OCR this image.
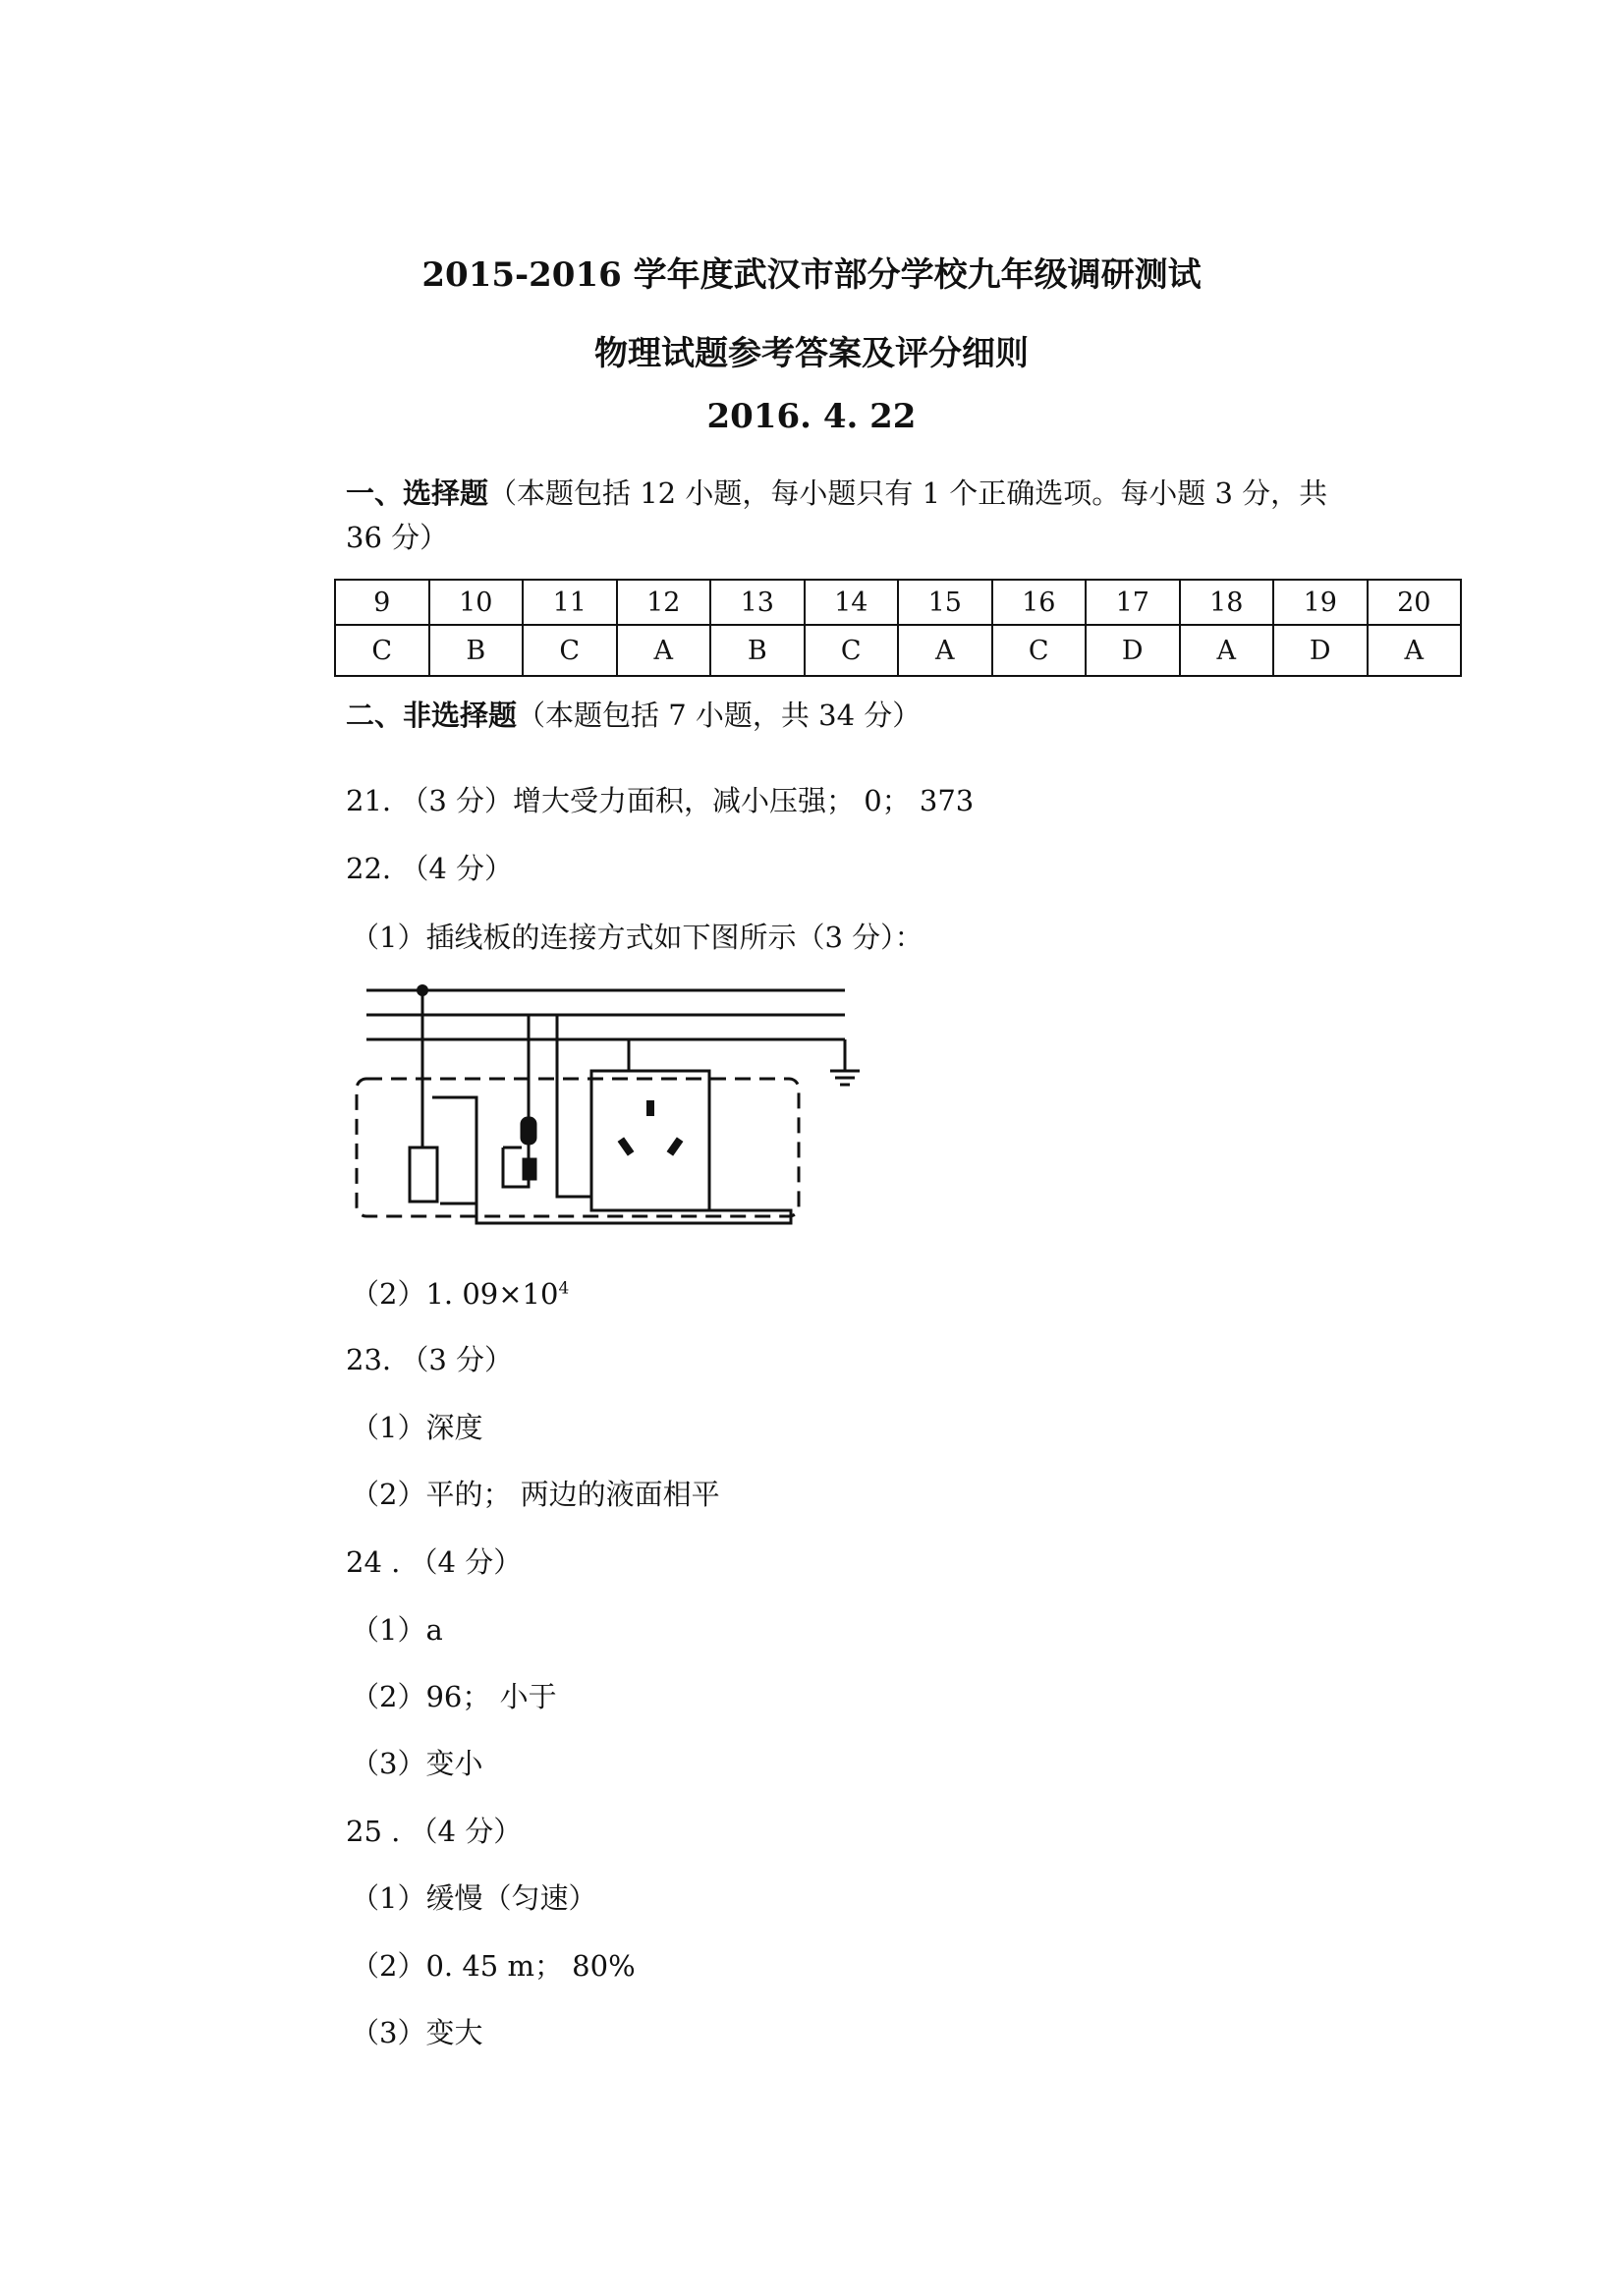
2015-2016 学年度武汉市部分学校九年级调研测试
物理试题参考答案及评分细则
2016. 4. 22
一、选择题（本题包括 12 小题，每小题只有 1 个正确选项。每小题 3 分，共
36 分）
9	10	11	12	13	14	15	16	17	18	19	20
C	B	C	A	B	C	A	C	D	A	D	A
二、非选择题（本题包括 7 小题，共 34 分）
21. （3 分）增大受力面积，减小压强； 0； 373
22. （4 分）
（1）插线板的连接方式如下图所示（3 分）：
（2）1. $09\times 10^4$
23. （3 分）
（1）深度
（2）平的； 两边的液面相平
24 . （4 分）
（1）a
（2）96； 小于
（3）变小
25 . （4 分）
（1）缓慢（匀速）
（2）0. 45 m； 80%
（3）变大
